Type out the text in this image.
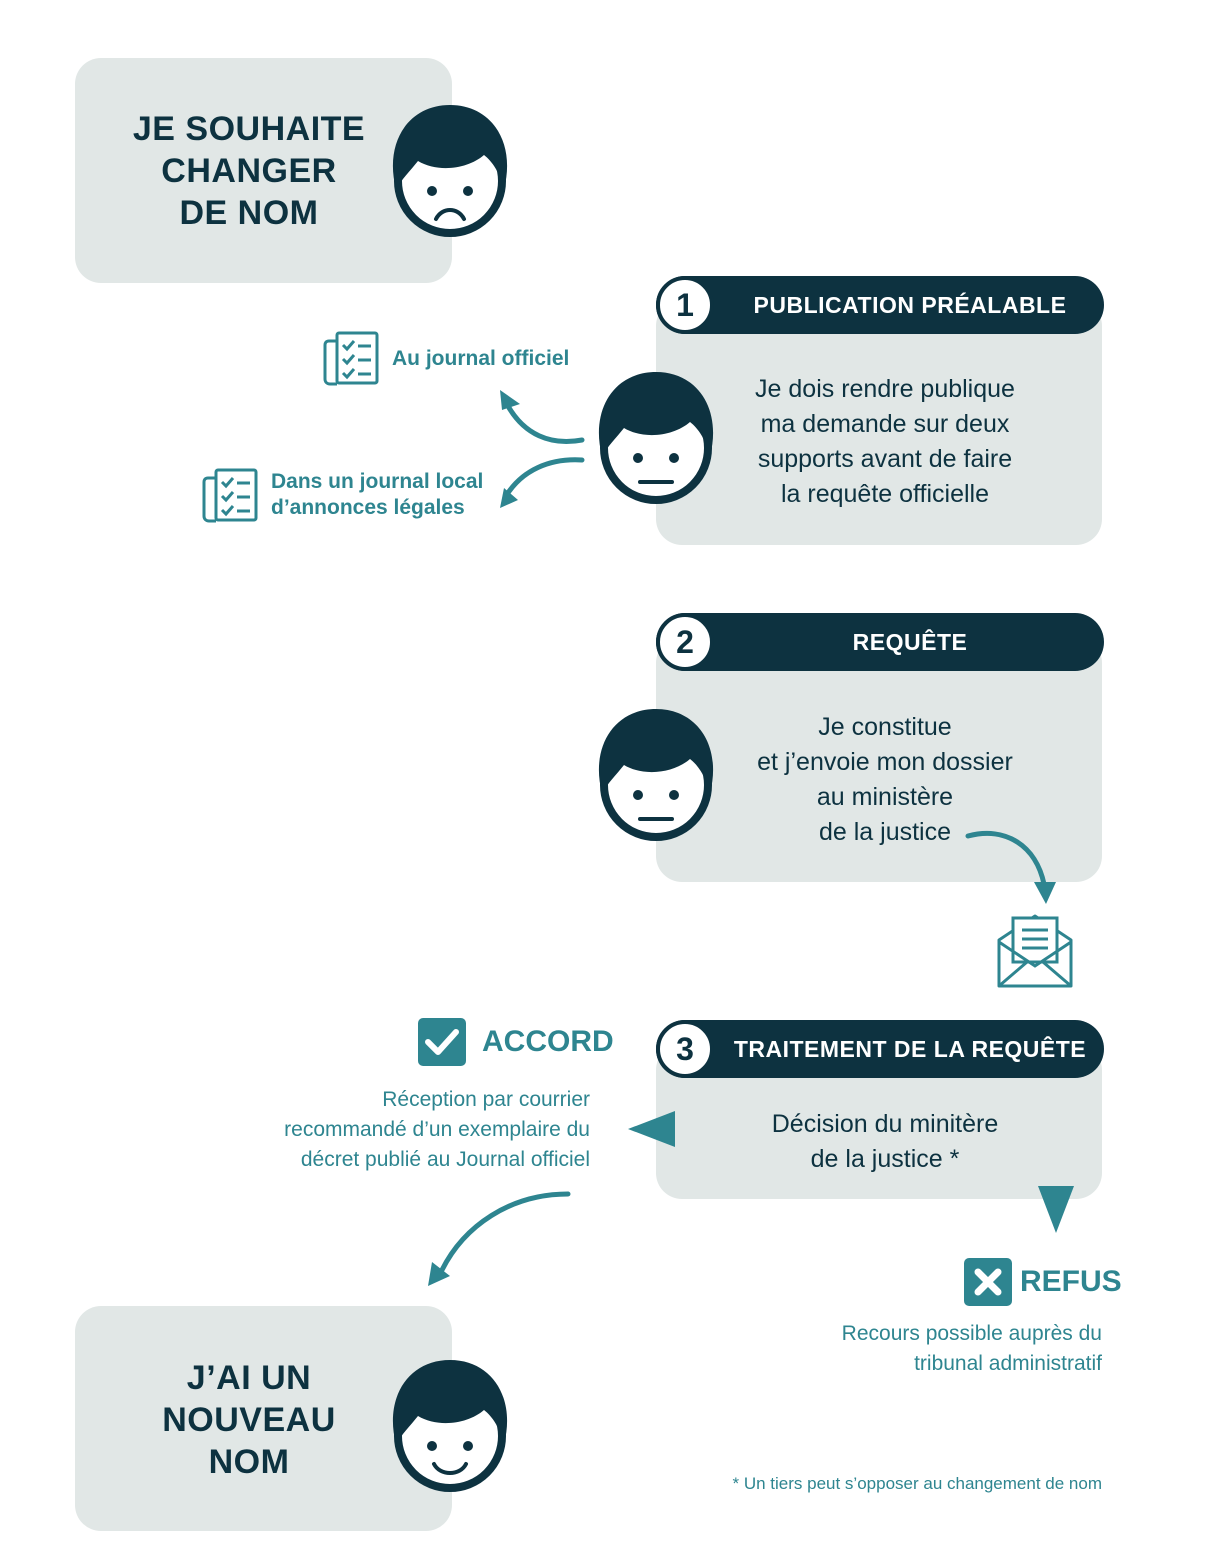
JE SOUHAITE
CHANGER
DE NOM
PUBLICATION PRÉALABLE
1
Je dois rendre publique
ma demande sur deux
supports avant de faire
la requête officielle
Au journal officiel
Dans un journal local
d’annonces légales
REQUÊTE
2
Je constitue
et j’envoie mon dossier
au ministère
de la justice
TRAITEMENT DE LA REQUÊTE
3
Décision du minitère
de la justice *
ACCORD
Réception par courrier
recommandé d’un exemplaire du
décret publié au Journal officiel
REFUS
Recours possible auprès du
tribunal administratif
J’AI UN
NOUVEAU
NOM
* Un tiers peut s’opposer au changement de nom
